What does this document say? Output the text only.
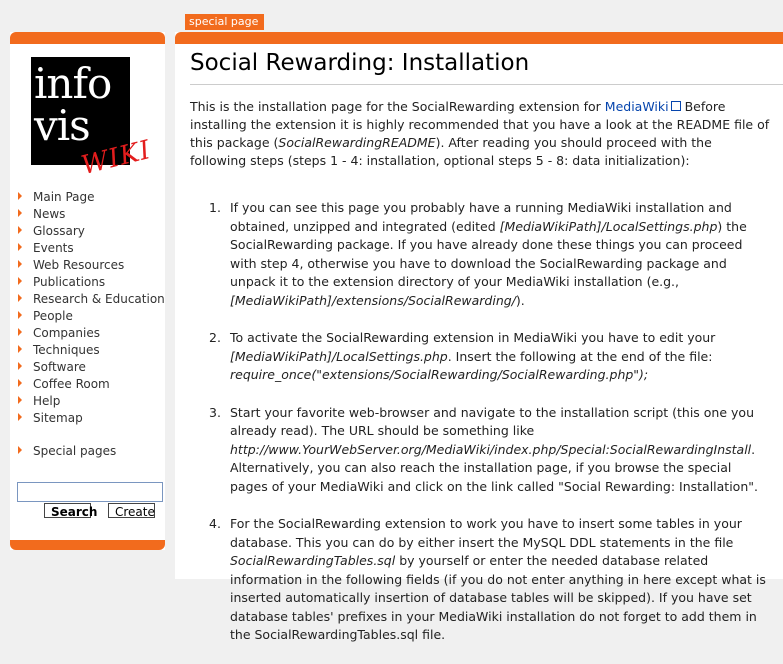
special page
info
vis
WIKI
Main Page
News
Glossary
Events
Web Resources
Publications
Research & Education
People
Companies
Techniques
Software
Coffee Room
Help
Sitemap
Special pages
Search	Create
Social Rewarding: Installation

This is the installation page for the SocialRewarding extension for MediaWiki Before installing the extension it is highly recommended that you have a look at the README file of this package (SocialRewardingREADME). After reading you should proceed with the following steps (steps 1 - 4: installation, optional steps 5 - 8: data initialization):

1. If you can see this page you probably have a running MediaWiki installation and obtained, unzipped and integrated (edited [MediaWikiPath]/LocalSettings.php) the SocialRewarding package. If you have already done these things you can proceed with step 4, otherwise you have to download the SocialRewarding package and unpack it to the extension directory of your MediaWiki installation (e.g., [MediaWikiPath]/extensions/SocialRewarding/).
2. To activate the SocialRewarding extension in MediaWiki you have to edit your [MediaWikiPath]/LocalSettings.php. Insert the following at the end of the file: require_once("extensions/SocialRewarding/SocialRewarding.php");
3. Start your favorite web-browser and navigate to the installation script (this one you already read). The URL should be something like http://www.YourWebServer.org/MediaWiki/index.php/Special:SocialRewardingInstall. Alternatively, you can also reach the installation page, if you browse the special pages of your MediaWiki and click on the link called "Social Rewarding: Installation".
4. For the SocialRewarding extension to work you have to insert some tables in your database. This you can do by either insert the MySQL DDL statements in the file SocialRewardingTables.sql by yourself or enter the needed database related information in the following fields (if you do not enter anything in here except what is inserted automatically insertion of database tables will be skipped). If you have set database tables' prefixes in your MediaWiki installation do not forget to add them in the SocialRewardingTables.sql file.
